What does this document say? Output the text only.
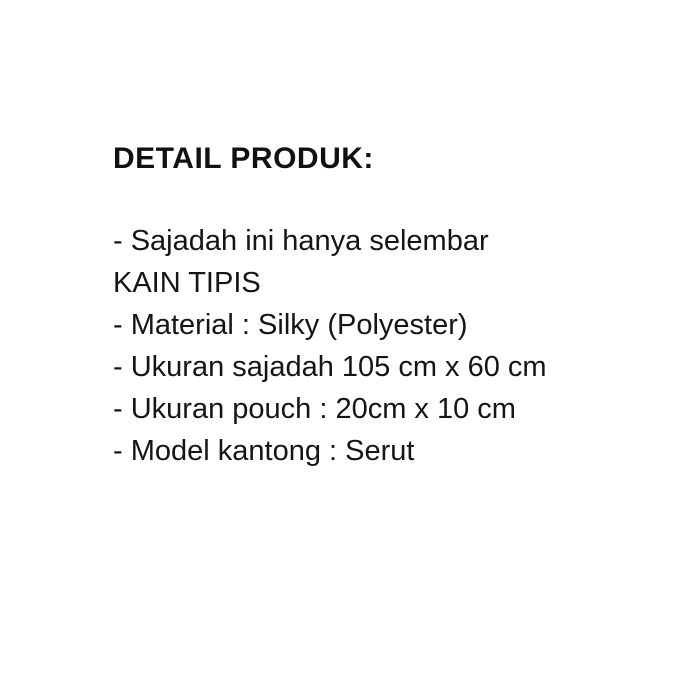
DETAIL PRODUK:
- Sajadah ini hanya selembar
KAIN TIPIS
- Material : Silky (Polyester)
- Ukuran sajadah 105 cm x 60 cm
- Ukuran pouch : 20cm x 10 cm
- Model kantong : Serut
